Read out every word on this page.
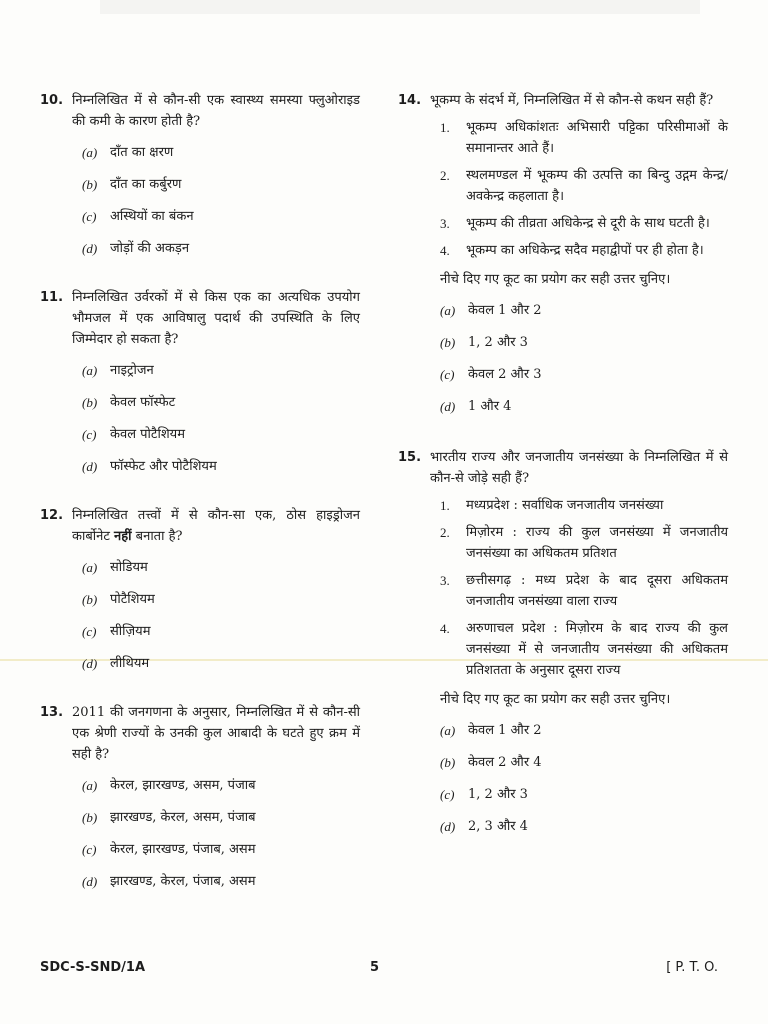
10. निम्नलिखित में से कौन-सी एक स्वास्थ्य समस्या फ्लुओराइड की कमी के कारण होती है?
(a) दाँत का क्षरण
(b) दाँत का कर्बुरण
(c)	अस्थियों का बंकन
(d) जोड़ों की अकड़न
11. निम्नलिखित उर्वरकों में से किस एक का अत्यधिक उपयोग भौमजल में एक आविषालु पदार्थ की उपस्थिति के लिए जिम्मेदार हो सकता है?
(a) नाइट्रोजन
(b) केवल फॉस्फेट
(c)	केवल पोटैशियम
(d) फॉस्फेट और पोटैशियम
12. निम्नलिखित तत्त्वों में से कौन-सा एक, ठोस हाइड्रोजन कार्बोनेट नहीं बनाता है?
(a) सोडियम
(b) पोटैशियम
(c)	सीज़ियम
(d) लीथियम
13. 2011 की जनगणना के अनुसार, निम्नलिखित में से कौन-सी एक श्रेणी राज्यों के उनकी कुल आबादी के घटते हुए क्रम में सही है?
(a) केरल, झारखण्ड, असम, पंजाब
(b) झारखण्ड, केरल, असम, पंजाब
(c)	केरल, झारखण्ड, पंजाब, असम
(d) झारखण्ड, केरल, पंजाब, असम
14. भूकम्प के संदर्भ में, निम्नलिखित में से कौन-से कथन सही हैं?
1.	भूकम्प अधिकांशतः अभिसारी पट्टिका परिसीमाओं के समानान्तर आते हैं।
2.	स्थलमण्डल में भूकम्प की उत्पत्ति का बिन्दु उद्गम केन्द्र/अवकेन्द्र कहलाता है।
3.	भूकम्प की तीव्रता अधिकेन्द्र से दूरी के साथ घटती है।
4.	भूकम्प का अधिकेन्द्र सदैव महाद्वीपों पर ही होता है।
नीचे दिए गए कूट का प्रयोग कर सही उत्तर चुनिए।
(a) केवल 1 और 2
(b) 1, 2 और 3
(c)	केवल 2 और 3
(d) 1 और 4
15. भारतीय राज्य और जनजातीय जनसंख्या के निम्नलिखित में से कौन-से जोड़े सही हैं?
1.	मध्यप्रदेश : सर्वाधिक जनजातीय जनसंख्या
2.	मिज़ोरम : राज्य की कुल जनसंख्या में जनजातीय जनसंख्या का अधिकतम प्रतिशत
3.	छत्तीसगढ़ : मध्य प्रदेश के बाद दूसरा अधिकतम जनजातीय जनसंख्या वाला राज्य
4.	अरुणाचल प्रदेश : मिज़ोरम के बाद राज्य की कुल जनसंख्या में से जनजातीय जनसंख्या की अधिकतम प्रतिशतता के अनुसार दूसरा राज्य
नीचे दिए गए कूट का प्रयोग कर सही उत्तर चुनिए।
(a) केवल 1 और 2
(b) केवल 2 और 4
(c)	1, 2 और 3
(d) 2, 3 और 4
SDC-S-SND/1A	5	[ P. T. O.
